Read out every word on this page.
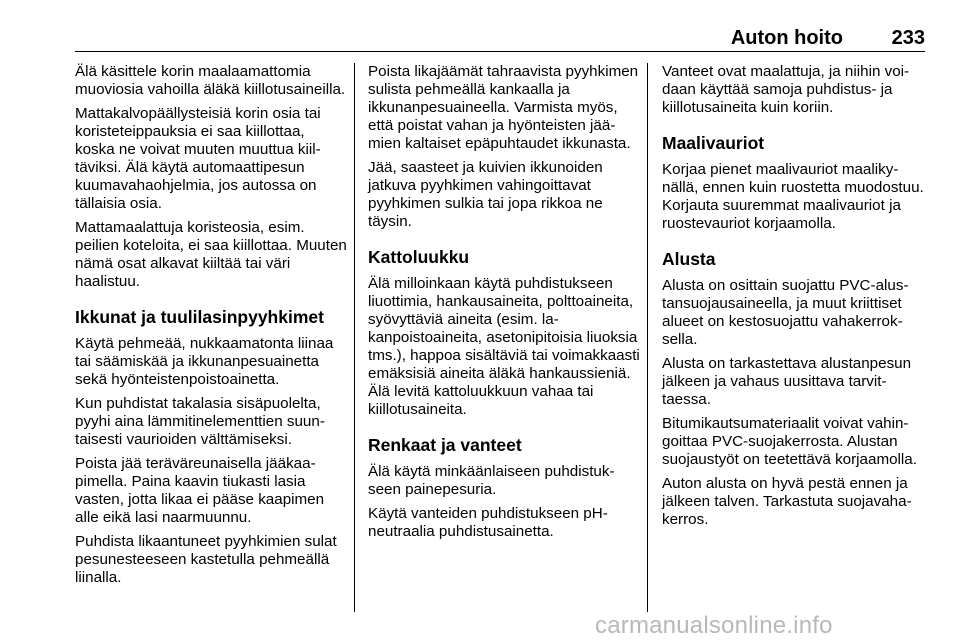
Auton hoito 233

Älä käsittele korin maalaamattomia muoviosia vahoilla äläkä kiillotusaineilla.

Mattakalvopäällysteisiä korin osia tai koristeteippauksia ei saa kiillottaa, koska ne voivat muuten muuttua kiiltäviksi. Älä käytä automaattipesun kuumavahaohjelmia, jos autossa on tällaisia osia.

Mattamaalattuja koristeosia, esim. peilien koteloita, ei saa kiillottaa. Muuten nämä osat alkavat kiiltää tai väri haalistuu.

Ikkunat ja tuulilasinpyyhkimet

Käytä pehmeää, nukkaamatonta liinaa tai säämiskää ja ikkunanpesuainetta sekä hyönteistenpoistoainetta.

Kun puhdistat takalasia sisäpuolelta, pyyhi aina lämmitinelementtien suuntaisesti vaurioiden välttämiseksi.

Poista jää teräväreunaisella jääkaapimella. Paina kaavin tiukasti lasia vasten, jotta likaa ei pääse kaapimen alle eikä lasi naarmuunnu.

Puhdista likaantuneet pyyhkimien sulat pesunesteeseen kastetulla pehmeällä liinalla.

Poista likajäämät tahraavista pyyhkimen sulista pehmeällä kankaalla ja ikkunanpesuaineella. Varmista myös, että poistat vahan ja hyönteisten jäämien kaltaiset epäpuhtaudet ikkunasta.

Jää, saasteet ja kuivien ikkunoiden jatkuva pyyhkimen vahingoittavat pyyhkimen sulkia tai jopa rikkoa ne täysin.

Kattoluukku

Älä milloinkaan käytä puhdistukseen liuottimia, hankausaineita, polttoaineita, syövyttäviä aineita (esim. lakanpoistoaineita, asetonipitoisia liuoksia tms.), happoa sisältäviä tai voimakkaasti emäksisiä aineita äläkä hankaussieniä. Älä levitä kattoluukkuun vahaa tai kiillotusaineita.

Renkaat ja vanteet

Älä käytä minkäänlaiseen puhdistukseen painepesuria.

Käytä vanteiden puhdistukseen pH-neutraalia puhdistusainetta.

Vanteet ovat maalattuja, ja niihin voidaan käyttää samoja puhdistus- ja kiillotusaineita kuin koriin.

Maalivauriot

Korjaa pienet maalivauriot maalikynällä, ennen kuin ruostetta muodostuu. Korjauta suuremmat maalivauriot ja ruostevauriot korjaamolla.

Alusta

Alusta on osittain suojattu PVC-alustansuojausaineella, ja muut kriittiset alueet on kestosuojattu vahakerroksella.

Alusta on tarkastettava alustanpesun jälkeen ja vahaus uusittava tarvittaessa.

Bitumikautsumateriaalit voivat vahingoittaa PVC-suojakerrosta. Alustan suojaustyöt on teetettävä korjaamolla.

Auton alusta on hyvä pestä ennen ja jälkeen talven. Tarkastuta suojavahakerros.

carmanualsonline.info
